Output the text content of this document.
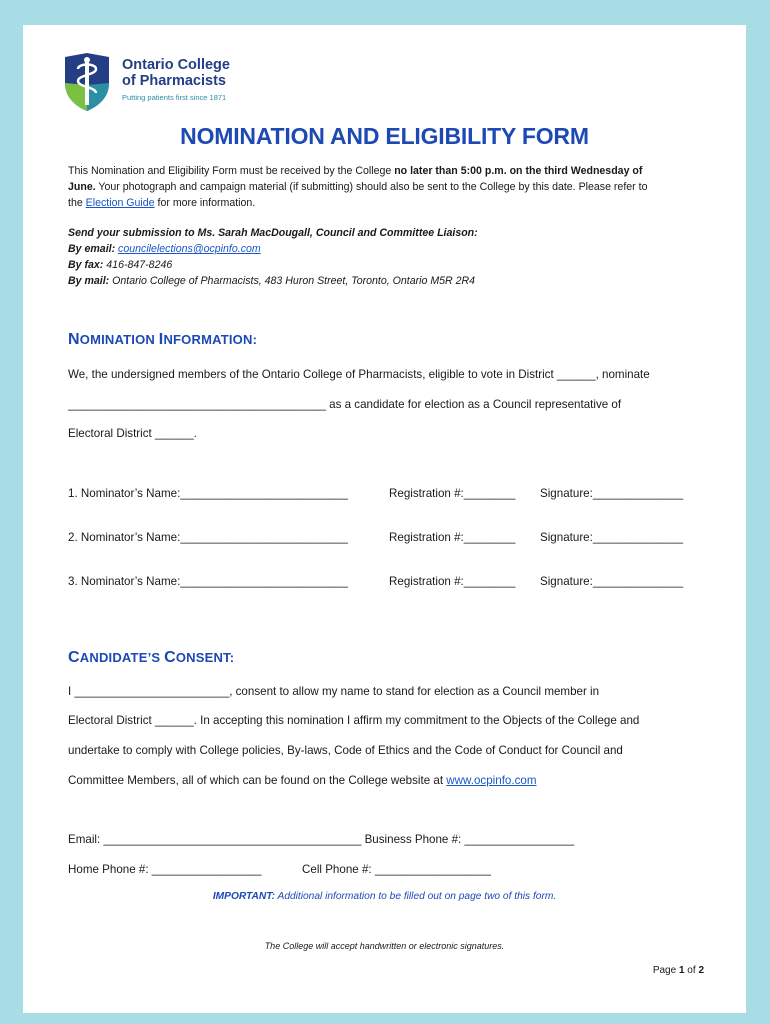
Ontario College
of Pharmacists
Putting patients first since 1871
NOMINATION AND ELIGIBILITY FORM
This Nomination and Eligibility Form must be received by the College no later than 5:00 p.m. on the third Wednesday of
June. Your photograph and campaign material (if submitting) should also be sent to the College by this date. Please refer to
the Election Guide for more information.
Send your submission to Ms. Sarah MacDougall, Council and Committee Liaison:
By email: councilelections@ocpinfo.com
By fax: 416-847-8246
By mail: Ontario College of Pharmacists, 483 Huron Street, Toronto, Ontario M5R 2R4
NOMINATION INFORMATION:
We, the undersigned members of the Ontario College of Pharmacists, eligible to vote in District ______, nominate
________________________________________ as a candidate for election as a Council representative of
Electoral District ______.
1. Nominator’s Name:__________________________	Registration #:________ Signature:______________
2. Nominator’s Name:__________________________	Registration #:________ Signature:______________
3. Nominator’s Name:__________________________	Registration #:________ Signature:______________
CANDIDATE’S CONSENT:
I ________________________, consent to allow my name to stand for election as a Council member in
Electoral District ______. In accepting this nomination I affirm my commitment to the Objects of the College and
undertake to comply with College policies, By-laws, Code of Ethics and the Code of Conduct for Council and
Committee Members, all of which can be found on the College website at www.ocpinfo.com
Email: ________________________________________ Business Phone #: _________________
Home Phone #: _________________	Cell Phone #: __________________
IMPORTANT: Additional information to be filled out on page two of this form.
The College will accept handwritten or electronic signatures.
Page 1 of 2
